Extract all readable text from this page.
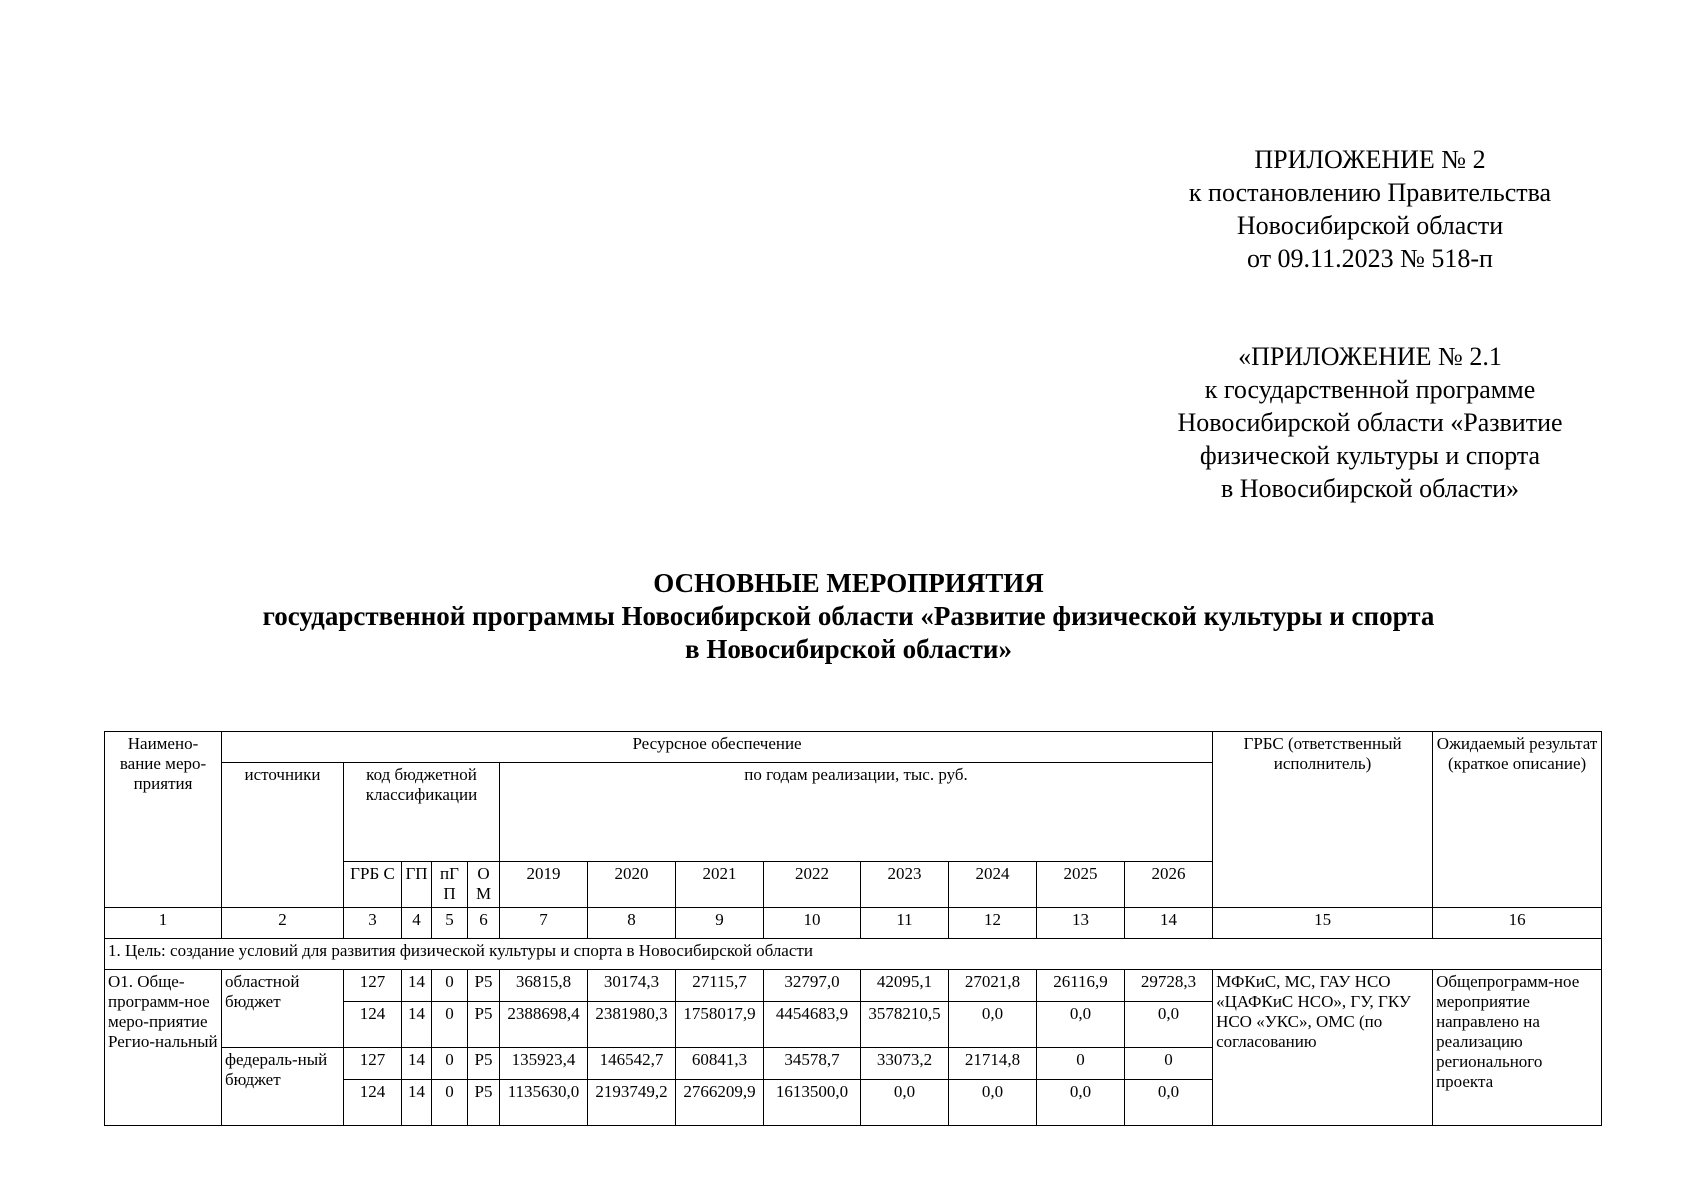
ПРИЛОЖЕНИЕ № 2
к постановлению Правительства
Новосибирской области
от 09.11.2023 № 518-п
«ПРИЛОЖЕНИЕ № 2.1
к государственной программе
Новосибирской области «Развитие
физической культуры и спорта
в Новосибирской области»
ОСНОВНЫЕ МЕРОПРИЯТИЯ
государственной программы Новосибирской области «Развитие физической культуры и спорта
в Новосибирской области»
Наимено-вание меро-приятия	Ресурсное обеспечение													ГРБС (ответственный исполнитель)	Ожидаемый результат (краткое описание)
	источники	код бюджетной классификации				по годам реализации, тыс. руб.									
		ГРБ С	ГП	пГ П	О М	2019	2020	2021	2022	2023	2024	2025	2026		
1	2	3	4	5	6	7	8	9	10	11	12	13	14	15	16
1. Цель: создание условий для развития физической культуры и спорта в Новосибирской области															
О1. Обще-программ-ное меро-приятие Регио-нальный	областной бюджет	127	14	0	Р5	36815,8	30174,3	27115,7	32797,0	42095,1	27021,8	26116,9	29728,3	МФКиС, МС, ГАУ НСО «ЦАФКиС НСО», ГУ, ГКУ НСО «УКС», ОМС (по согласованию	Общепрограмм-ное мероприятие направлено на реализацию регионального проекта
		124	14	0	Р5	2388698,4	2381980,3	1758017,9	4454683,9	3578210,5	0,0	0,0	0,0		
	федераль-ный бюджет	127	14	0	Р5	135923,4	146542,7	60841,3	34578,7	33073,2	21714,8	0	0		
		124	14	0	Р5	1135630,0	2193749,2	2766209,9	1613500,0	0,0	0,0	0,0	0,0		
